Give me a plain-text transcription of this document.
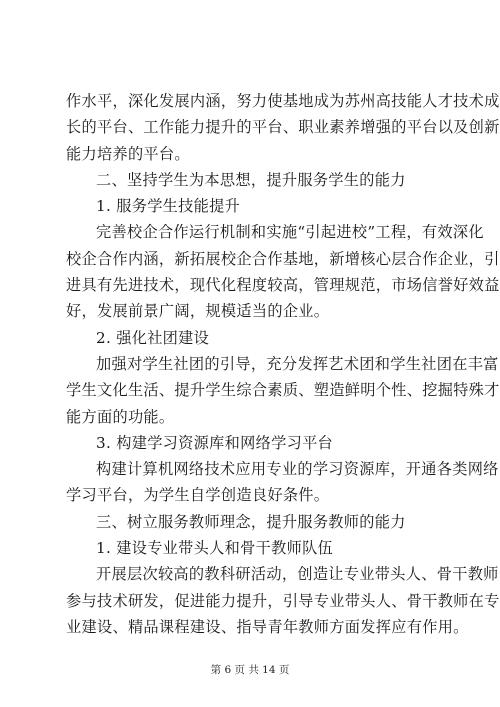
作水平，深化发展内涵，努力使基地成为苏州高技能人才技术成
长的平台、工作能力提升的平台、职业素养增强的平台以及创新
能力培养的平台。
二、坚持学生为本思想，提升服务学生的能力
1. 服务学生技能提升
完善校企合作运行机制和实施“引起进校”工程，有效深化
校企合作内涵，新拓展校企合作基地，新增核心层合作企业，引
进具有先进技术，现代化程度较高，管理规范，市场信誉好效益
好，发展前景广阔，规模适当的企业。
2. 强化社团建设
加强对学生社团的引导，充分发挥艺术团和学生社团在丰富
学生文化生活、提升学生综合素质、塑造鲜明个性、挖掘特殊才
能方面的功能。
3. 构建学习资源库和网络学习平台
构建计算机网络技术应用专业的学习资源库，开通各类网络
学习平台，为学生自学创造良好条件。
三、树立服务教师理念，提升服务教师的能力
1. 建设专业带头人和骨干教师队伍
开展层次较高的教科研活动，创造让专业带头人、骨干教师
参与技术研发，促进能力提升，引导专业带头人、骨干教师在专
业建设、精品课程建设、指导青年教师方面发挥应有作用。
第 6 页 共 14 页
